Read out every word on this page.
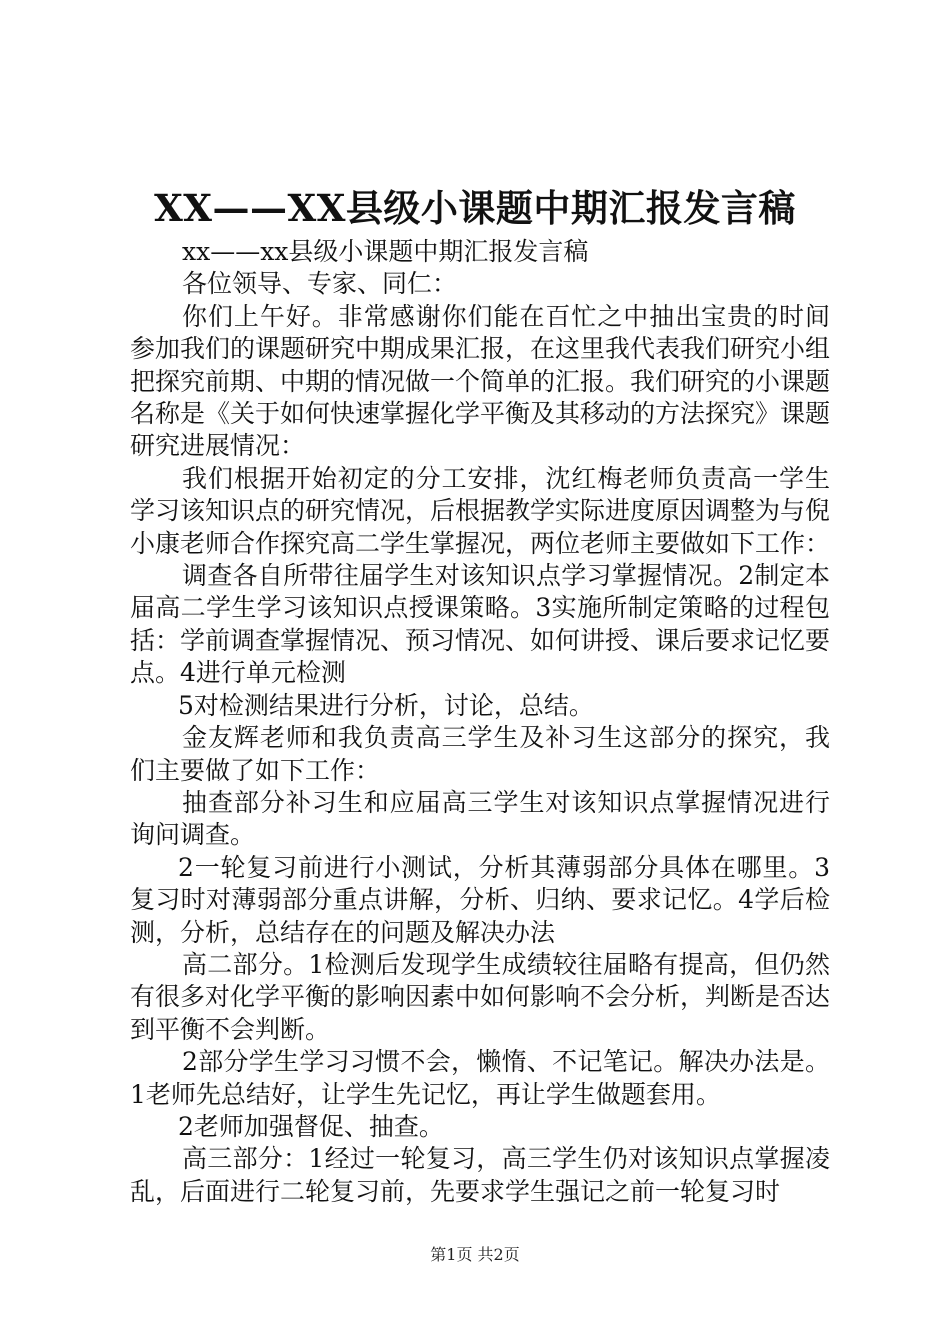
XX——XX县级小课题中期汇报发言稿

xx——xx县级小课题中期汇报发言稿

各位领导、专家、同仁：

你们上午好。非常感谢你们能在百忙之中抽出宝贵的时间参加我们的课题研究中期成果汇报，在这里我代表我们研究小组把探究前期、中期的情况做一个简单的汇报。我们研究的小课题名称是《关于如何快速掌握化学平衡及其移动的方法探究》课题研究进展情况：

我们根据开始初定的分工安排，沈红梅老师负责高一学生学习该知识点的研究情况，后根据教学实际进度原因调整为与倪小康老师合作探究高二学生掌握况，两位老师主要做如下工作：

调查各自所带往届学生对该知识点学习掌握情况。2制定本届高二学生学习该知识点授课策略。3实施所制定策略的过程包括：学前调查掌握情况、预习情况、如何讲授、课后要求记忆要点。4进行单元检测

5对检测结果进行分析，讨论，总结。

金友辉老师和我负责高三学生及补习生这部分的探究，我们主要做了如下工作：

抽查部分补习生和应届高三学生对该知识点掌握情况进行询问调查。

2一轮复习前进行小测试，分析其薄弱部分具体在哪里。3复习时对薄弱部分重点讲解，分析、归纳、要求记忆。4学后检测，分析，总结存在的问题及解决办法

高二部分。1检测后发现学生成绩较往届略有提高，但仍然有很多对化学平衡的影响因素中如何影响不会分析，判断是否达到平衡不会判断。

2部分学生学习习惯不会，懒惰、不记笔记。解决办法是。1老师先总结好，让学生先记忆，再让学生做题套用。

2老师加强督促、抽查。

高三部分：1经过一轮复习，高三学生仍对该知识点掌握凌乱，后面进行二轮复习前，先要求学生强记之前一轮复习时

第1页 共2页
